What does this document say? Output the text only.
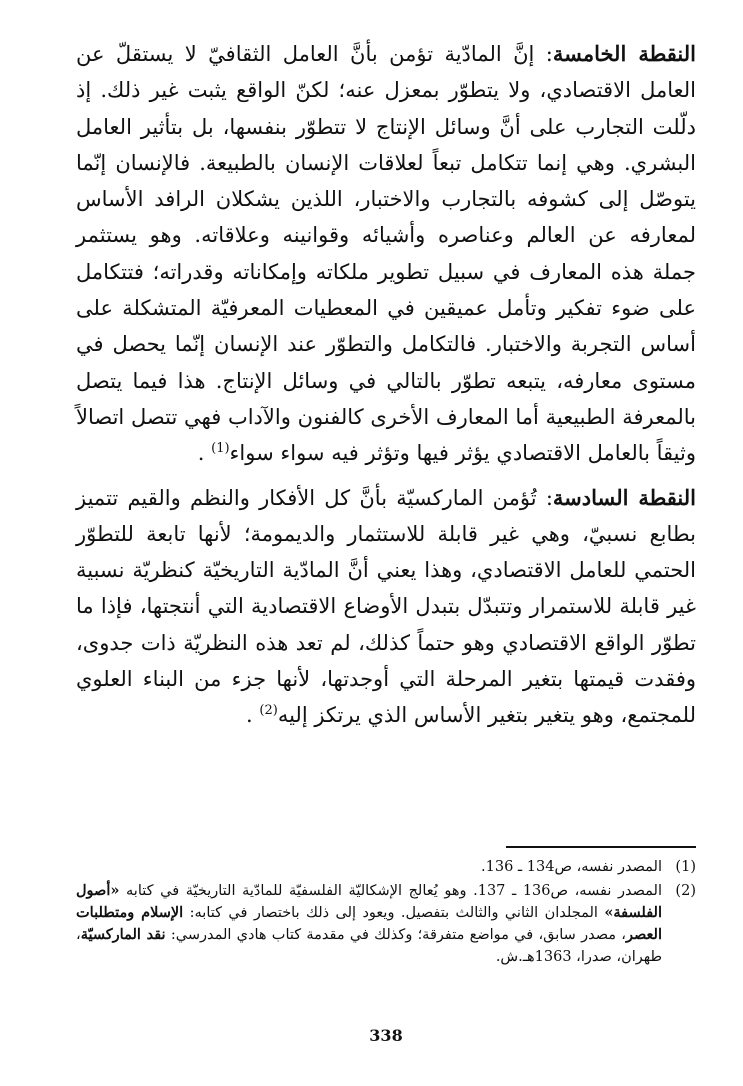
النقطة الخامسة: إنَّ المادّية تؤمن بأنَّ العامل الثقافيّ لا يستقلّ عن العامل الاقتصادي، ولا يتطوّر بمعزل عنه؛ لكنّ الواقع يثبت غير ذلك. إذ دلّلت التجارب على أنَّ وسائل الإنتاج لا تتطوّر بنفسها، بل بتأثير العامل البشري. وهي إنما تتكامل تبعاً لعلاقات الإنسان بالطبيعة. فالإنسان إنّما يتوصّل إلى كشوفه بالتجارب والاختبار، اللذين يشكلان الرافد الأساس لمعارفه عن العالم وعناصره وأشيائه وقوانينه وعلاقاته. وهو يستثمر جملة هذه المعارف في سبيل تطوير ملكاته وإمكاناته وقدراته؛ فتتكامل على ضوء تفكير وتأمل عميقين في المعطيات المعرفيّة المتشكلة على أساس التجربة والاختبار. فالتكامل والتطوّر عند الإنسان إنّما يحصل في مستوى معارفه، يتبعه تطوّر بالتالي في وسائل الإنتاج. هذا فيما يتصل بالمعرفة الطبيعية أما المعارف الأخرى كالفنون والآداب فهي تتصل اتصالاً وثيقاً بالعامل الاقتصادي يؤثر فيها وتؤثر فيه سواء سواء$^{(1)}$ .

النقطة السادسة: تُؤمن الماركسيّة بأنَّ كل الأفكار والنظم والقيم تتميز بطابع نسبيّ، وهي غير قابلة للاستثمار والديمومة؛ لأنها تابعة للتطوّر الحتمي للعامل الاقتصادي، وهذا يعني أنَّ المادّية التاريخيّة كنظريّة نسبية غير قابلة للاستمرار وتتبدّل بتبدل الأوضاع الاقتصادية التي أنتجتها، فإذا ما تطوّر الواقع الاقتصادي وهو حتماً كذلك، لم تعد هذه النظريّة ذات جدوى، وفقدت قيمتها بتغير المرحلة التي أوجدتها، لأنها جزء من البناء العلوي للمجتمع، وهو يتغير بتغير الأساس الذي يرتكز إليه$^{(2)}$ .

(1)
المصدر نفسه، ص134 ـ 136.
(2)
المصدر نفسه، ص136 ـ 137. وهو يُعالج الإشكاليّة الفلسفيّة للمادّية التاريخيّة في كتابه «أصول الفلسفة» المجلدان الثاني والثالث بتفصيل. ويعود إلى ذلك باختصار في كتابه: الإسلام ومتطلبات العصر، مصدر سابق، في مواضع متفرقة؛ وكذلك في مقدمة كتاب هادي المدرسي: نقد الماركسيّة، طهران، صدرا، 1363هـ.ش.
338
